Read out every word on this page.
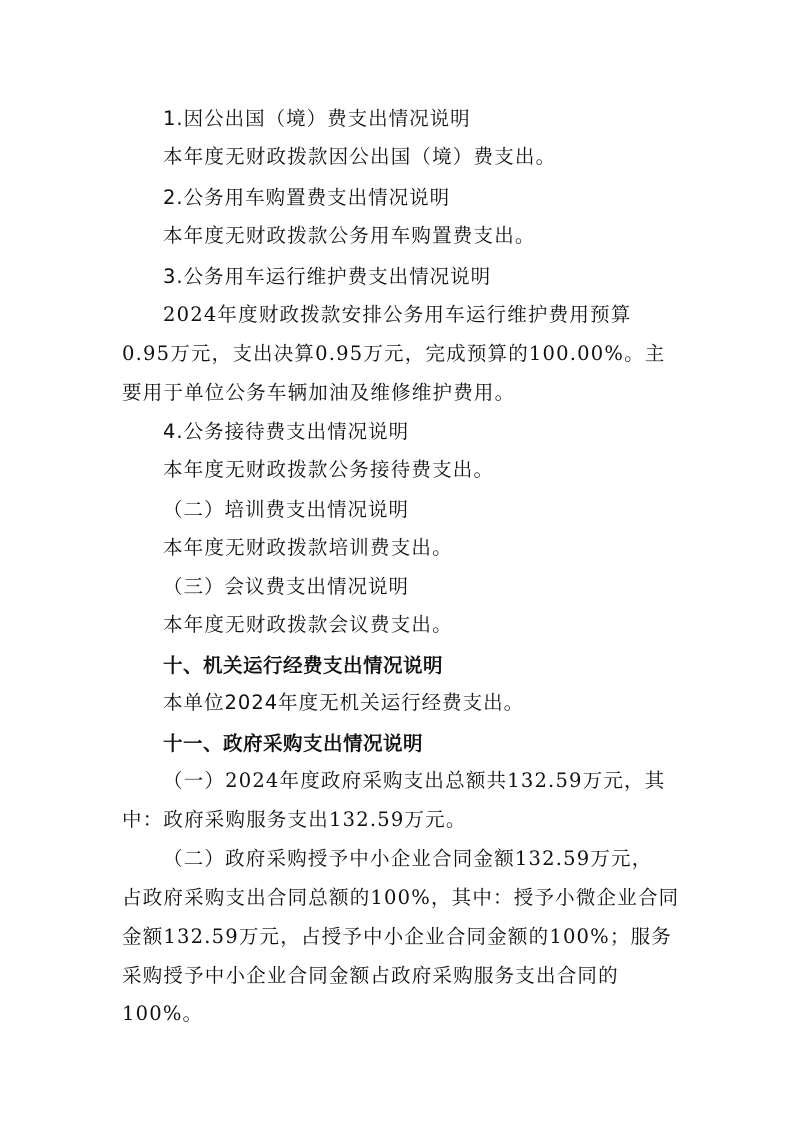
1.因公出国（境）费支出情况说明
本年度无财政拨款因公出国（境）费支出。
2.公务用车购置费支出情况说明
本年度无财政拨款公务用车购置费支出。
3.公务用车运行维护费支出情况说明
2024年度财政拨款安排公务用车运行维护费用预算
0.95万元，支出决算0.95万元，完成预算的100.00%。主
要用于单位公务车辆加油及维修维护费用。
4.公务接待费支出情况说明
本年度无财政拨款公务接待费支出。
（二）培训费支出情况说明
本年度无财政拨款培训费支出。
（三）会议费支出情况说明
本年度无财政拨款会议费支出。
十、机关运行经费支出情况说明
本单位2024年度无机关运行经费支出。
十一、政府采购支出情况说明
（一）2024年度政府采购支出总额共132.59万元，其
中：政府采购服务支出132.59万元。
（二）政府采购授予中小企业合同金额132.59万元，
占政府采购支出合同总额的100%，其中：授予小微企业合同
金额132.59万元，占授予中小企业合同金额的100%；服务
采购授予中小企业合同金额占政府采购服务支出合同的
100%。
